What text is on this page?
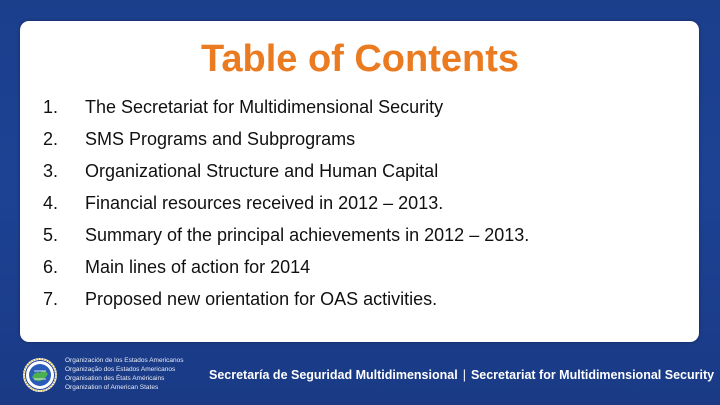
Table of Contents
1. The Secretariat for Multidimensional Security
2. SMS Programs and Subprograms
3. Organizational Structure and Human Capital
4. Financial resources received in 2012 – 2013.
5. Summary of the principal achievements in 2012 – 2013.
6. Main lines of action for 2014
7. Proposed new orientation for OAS activities.
Organización de los Estados Americanos
Organização dos Estados Americanos
Organisation des États Américains
Organization of American States
Secretaría de Seguridad Multidimensional | Secretariat for Multidimensional Security
